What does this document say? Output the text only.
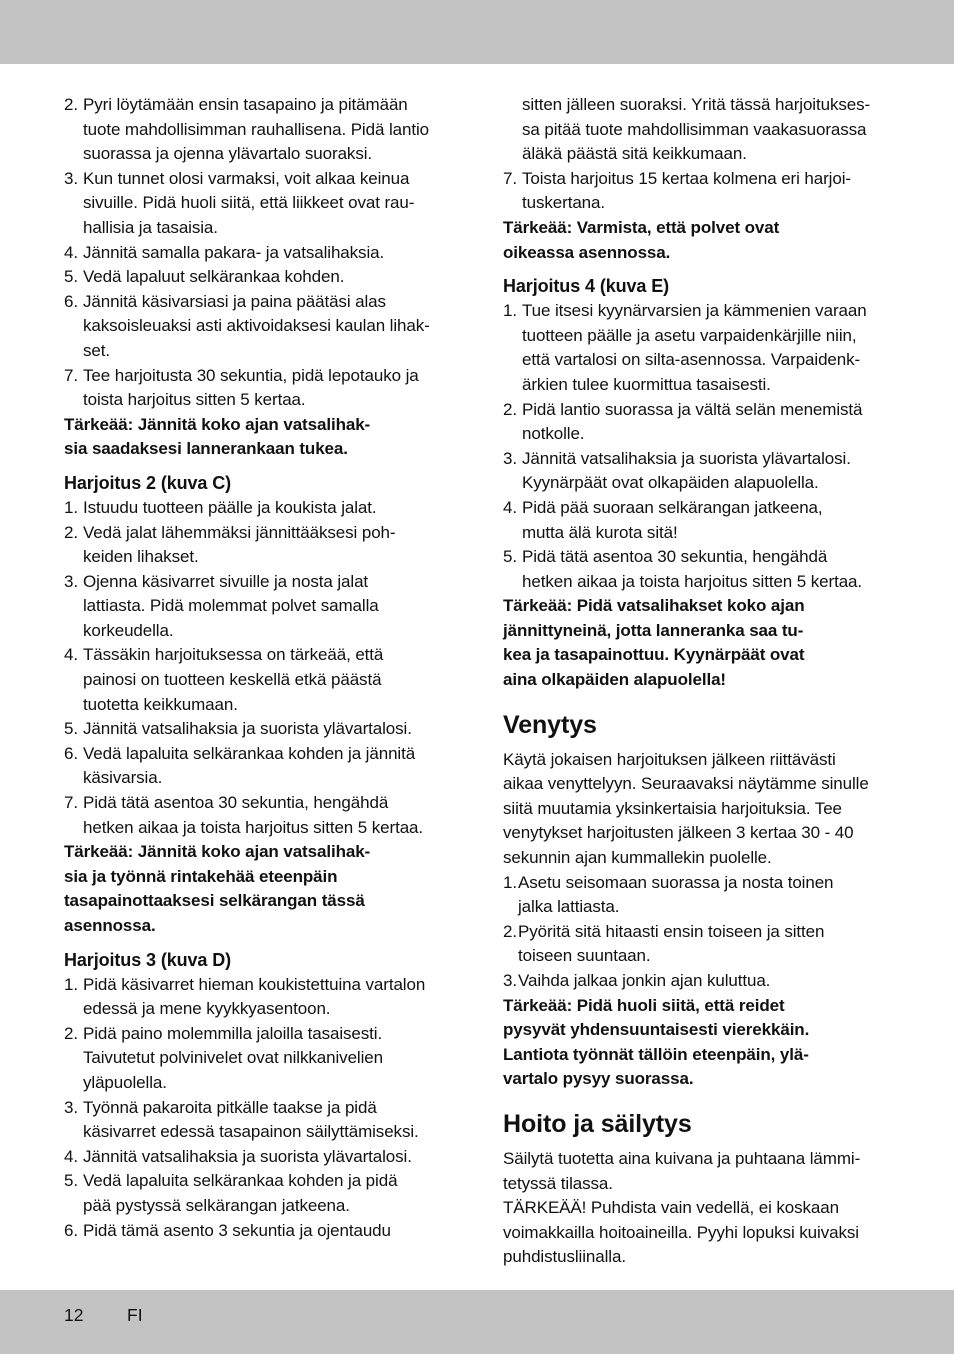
2. Pyri löytämään ensin tasapaino ja pitämään
tuote mahdollisimman rauhallisena. Pidä lantio
suorassa ja ojenna ylävartalo suoraksi.
3. Kun tunnet olosi varmaksi, voit alkaa keinua
sivuille. Pidä huoli siitä, että liikkeet ovat rau-
hallisia ja tasaisia.
4. Jännitä samalla pakara- ja vatsalihaksia.
5. Vedä lapaluut selkärankaa kohden.
6. Jännitä käsivarsiasi ja paina päätäsi alas
kaksoisleuaksi asti aktivoidaksesi kaulan lihak-
set.
7. Tee harjoitusta 30 sekuntia, pidä lepotauko ja
toista harjoitus sitten 5 kertaa.
Tärkeää: Jännitä koko ajan vatsalihak-
sia saadaksesi lannerankaan tukea.
Harjoitus 2 (kuva C)
1. Istuudu tuotteen päälle ja koukista jalat.
2. Vedä jalat lähemmäksi jännittääksesi poh-
keiden lihakset.
3. Ojenna käsivarret sivuille ja nosta jalat
lattiasta. Pidä molemmat polvet samalla
korkeudella.
4. Tässäkin harjoituksessa on tärkeää, että
painosi on tuotteen keskellä etkä päästä
tuotetta keikkumaan.
5. Jännitä vatsalihaksia ja suorista ylävartalosi.
6. Vedä lapaluita selkärankaa kohden ja jännitä
käsivarsia.
7. Pidä tätä asentoa 30 sekuntia, hengähdä
hetken aikaa ja toista harjoitus sitten 5 kertaa.
Tärkeää: Jännitä koko ajan vatsalihak-
sia ja työnnä rintakehää eteenpäin
tasapainottaaksesi selkärangan tässä
asennossa.
Harjoitus 3 (kuva D)
1. Pidä käsivarret hieman koukistettuina vartalon
edessä ja mene kyykkyasentoon.
2. Pidä paino molemmilla jaloilla tasaisesti.
Taivutetut polvinivelet ovat nilkkanivelien
yläpuolella.
3. Työnnä pakaroita pitkälle taakse ja pidä
käsivarret edessä tasapainon säilyttämiseksi.
4. Jännitä vatsalihaksia ja suorista ylävartalosi.
5. Vedä lapaluita selkärankaa kohden ja pidä
pää pystyssä selkärangan jatkeena.
6. Pidä tämä asento 3 sekuntia ja ojentaudu
sitten jälleen suoraksi. Yritä tässä harjoitukses-
sa pitää tuote mahdollisimman vaakasuorassa
äläkä päästä sitä keikkumaan.
7. Toista harjoitus 15 kertaa kolmena eri harjoi-
tuskertana.
Tärkeää: Varmista, että polvet ovat
oikeassa asennossa.
Harjoitus 4 (kuva E)
1. Tue itsesi kyynärvarsien ja kämmenien varaan
tuotteen päälle ja asetu varpaidenkärjille niin,
että vartalosi on silta-asennossa. Varpaidenk-
ärkien tulee kuormittua tasaisesti.
2. Pidä lantio suorassa ja vältä selän menemistä
notkolle.
3. Jännitä vatsalihaksia ja suorista ylävartalosi.
Kyynärpäät ovat olkapäiden alapuolella.
4. Pidä pää suoraan selkärangan jatkeena,
mutta älä kurota sitä!
5. Pidä tätä asentoa 30 sekuntia, hengähdä
hetken aikaa ja toista harjoitus sitten 5 kertaa.
Tärkeää: Pidä vatsalihakset koko ajan
jännittyneinä, jotta lanneranka saa tu-
kea ja tasapainottuu. Kyynärpäät ovat
aina olkapäiden alapuolella!
Venytys
Käytä jokaisen harjoituksen jälkeen riittävästi
aikaa venyttelyyn. Seuraavaksi näytämme sinulle
siitä muutamia yksinkertaisia harjoituksia. Tee
venytykset harjoitusten jälkeen 3 kertaa 30 - 40
sekunnin ajan kummallekin puolelle.
1. Asetu seisomaan suorassa ja nosta toinen
jalka lattiasta.
2. Pyöritä sitä hitaasti ensin toiseen ja sitten
toiseen suuntaan.
3. Vaihda jalkaa jonkin ajan kuluttua.
Tärkeää: Pidä huoli siitä, että reidet
pysyvät yhdensuuntaisesti vierekkäin.
Lantiota työnnät tällöin eteenpäin, ylä-
vartalo pysyy suorassa.
Hoito ja säilytys
Säilytä tuotetta aina kuivana ja puhtaana lämmi-
tetyssä tilassa.
TÄRKEÄÄ! Puhdista vain vedellä, ei koskaan
voimakkailla hoitoaineilla. Pyyhi lopuksi kuivaksi
puhdistusliinalla.
12 FI
